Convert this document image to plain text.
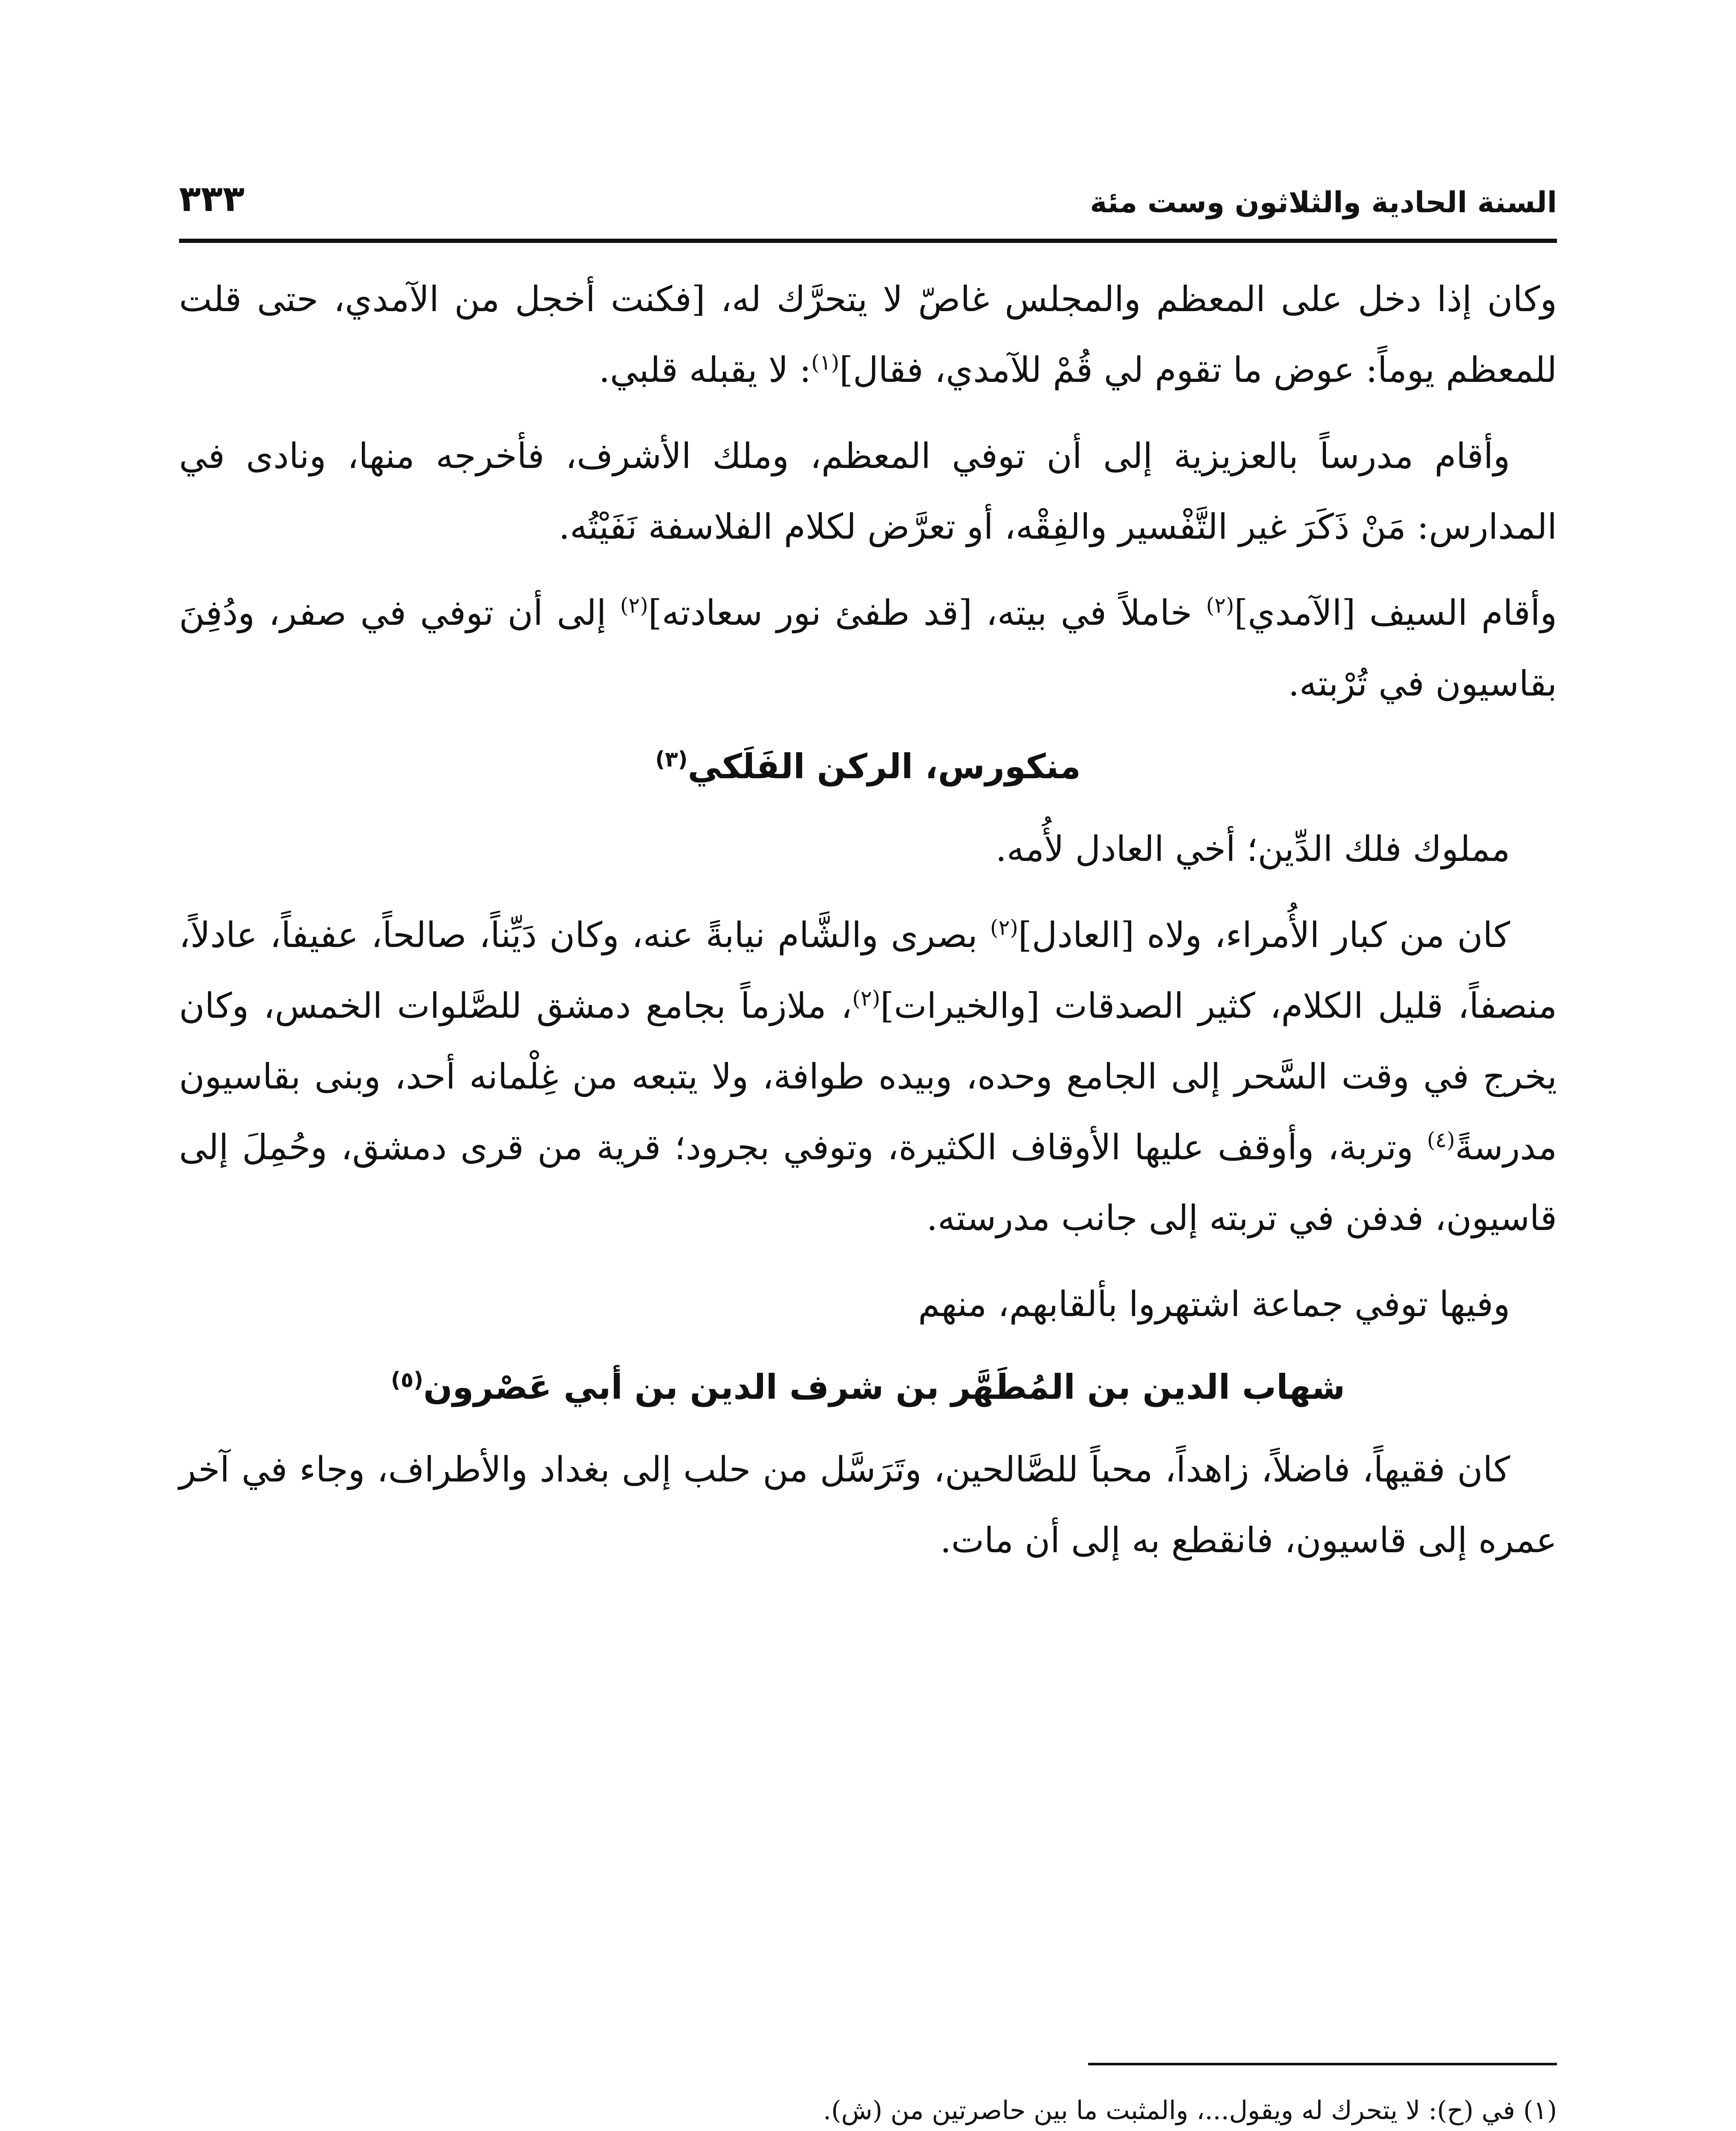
٣٣٣	السنة الحادية والثلاثون وست مئة

وكان إذا دخل على المعظم والمجلس غاصّ لا يتحرَّك له، [فكنت أخجل من الآمدي، حتى قلت للمعظم يوماً: عوض ما تقوم لي قُمْ للآمدي، فقال]$^{(١)}$: لا يقبله قلبي.

وأقام مدرساً بالعزيزية إلى أن توفي المعظم، وملك الأشرف، فأخرجه منها، ونادى في المدارس: مَنْ ذَكَرَ غير التَّفْسير والفِقْه، أو تعرَّض لكلام الفلاسفة نَفَيْتُه.

وأقام السيف [الآمدي]$^{(٢)}$ خاملاً في بيته، [قد طفئ نور سعادته]$^{(٢)}$ إلى أن توفي في صفر، ودُفِنَ بقاسيون في تُرْبته.

منكورس، الركن الفَلَكي$^{(٣)}$

مملوك فلك الدِّين؛ أخي العادل لأُمه.

كان من كبار الأُمراء، ولاه [العادل]$^{(٢)}$ بصرى والشَّام نيابةً عنه، وكان دَيِّناً، صالحاً، عفيفاً، عادلاً، منصفاً، قليل الكلام، كثير الصدقات [والخيرات]$^{(٢)}$، ملازماً بجامع دمشق للصَّلوات الخمس، وكان يخرج في وقت السَّحر إلى الجامع وحده، وبيده طوافة، ولا يتبعه من غِلْمانه أحد، وبنى بقاسيون مدرسةً$^{(٤)}$ وتربة، وأوقف عليها الأوقاف الكثيرة، وتوفي بجرود؛ قرية من قرى دمشق، وحُمِلَ إلى قاسيون، فدفن في تربته إلى جانب مدرسته.

وفيها توفي جماعة اشتهروا بألقابهم، منهم

شهاب الدين بن المُطَهَّر بن شرف الدين بن أبي عَصْرون$^{(٥)}$

كان فقيهاً، فاضلاً، زاهداً، محباً للصَّالحين، وتَرَسَّل من حلب إلى بغداد والأطراف، وجاء في آخر عمره إلى قاسيون، فانقطع به إلى أن مات.

(١) في (ح): لا يتحرك له ويقول...، والمثبت ما بين حاصرتين من (ش).
